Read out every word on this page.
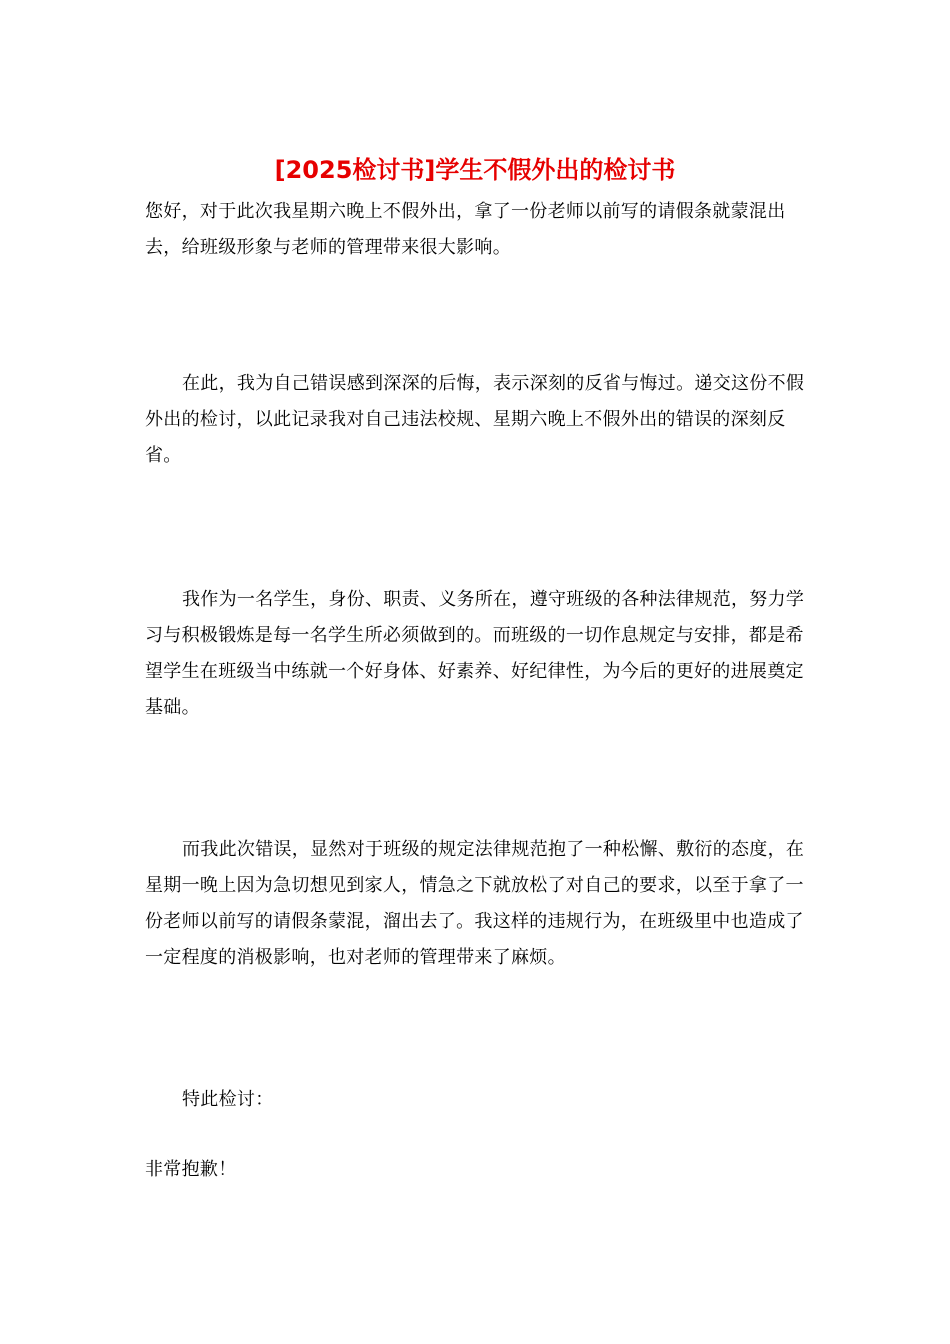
[2025检讨书]学生不假外出的检讨书

您好，对于此次我星期六晚上不假外出，拿了一份老师以前写的请假条就蒙混出去，给班级形象与老师的管理带来很大影响。

在此，我为自己错误感到深深的后悔，表示深刻的反省与悔过。递交这份不假外出的检讨，以此记录我对自己违法校规、星期六晚上不假外出的错误的深刻反省。

我作为一名学生，身份、职责、义务所在，遵守班级的各种法律规范，努力学习与积极锻炼是每一名学生所必须做到的。而班级的一切作息规定与安排，都是希望学生在班级当中练就一个好身体、好素养、好纪律性，为今后的更好的进展奠定基础。

而我此次错误，显然对于班级的规定法律规范抱了一种松懈、敷衍的态度，在星期一晚上因为急切想见到家人，情急之下就放松了对自己的要求，以至于拿了一份老师以前写的请假条蒙混，溜出去了。我这样的违规行为，在班级里中也造成了一定程度的消极影响，也对老师的管理带来了麻烦。

特此检讨：

非常抱歉！
